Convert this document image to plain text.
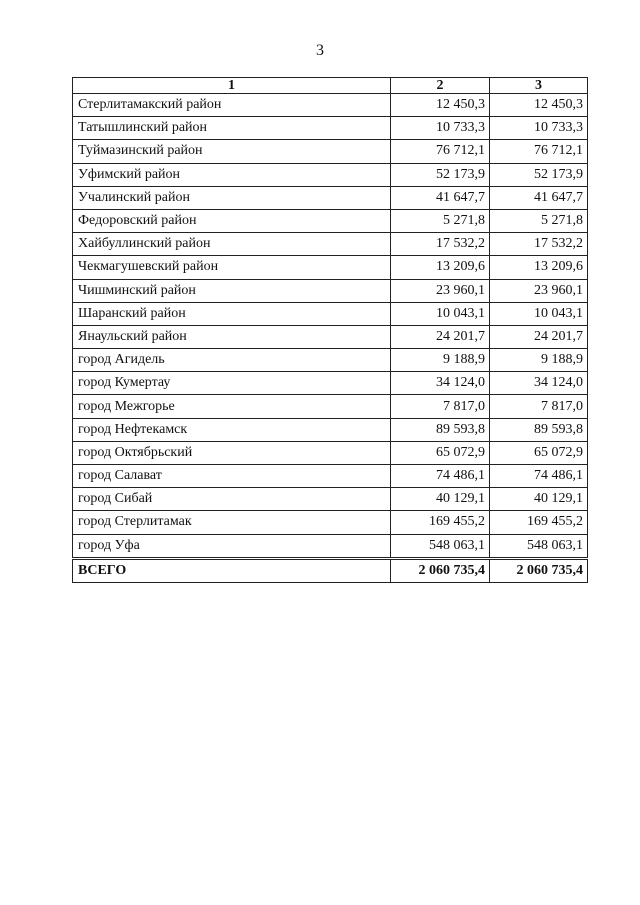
3
1	2	3
Стерлитамакский район	12 450,3	12 450,3
Татышлинский район	10 733,3	10 733,3
Туймазинский район	76 712,1	76 712,1
Уфимский район	52 173,9	52 173,9
Учалинский район	41 647,7	41 647,7
Федоровский район	5 271,8	5 271,8
Хайбуллинский район	17 532,2	17 532,2
Чекмагушевский район	13 209,6	13 209,6
Чишминский район	23 960,1	23 960,1
Шаранский район	10 043,1	10 043,1
Янаульский район	24 201,7	24 201,7
город Агидель	9 188,9	9 188,9
город Кумертау	34 124,0	34 124,0
город Межгорье	7 817,0	7 817,0
город Нефтекамск	89 593,8	89 593,8
город Октябрьский	65 072,9	65 072,9
город Салават	74 486,1	74 486,1
город Сибай	40 129,1	40 129,1
город Стерлитамак	169 455,2	169 455,2
город Уфа	548 063,1	548 063,1
ВСЕГО	2 060 735,4	2 060 735,4
